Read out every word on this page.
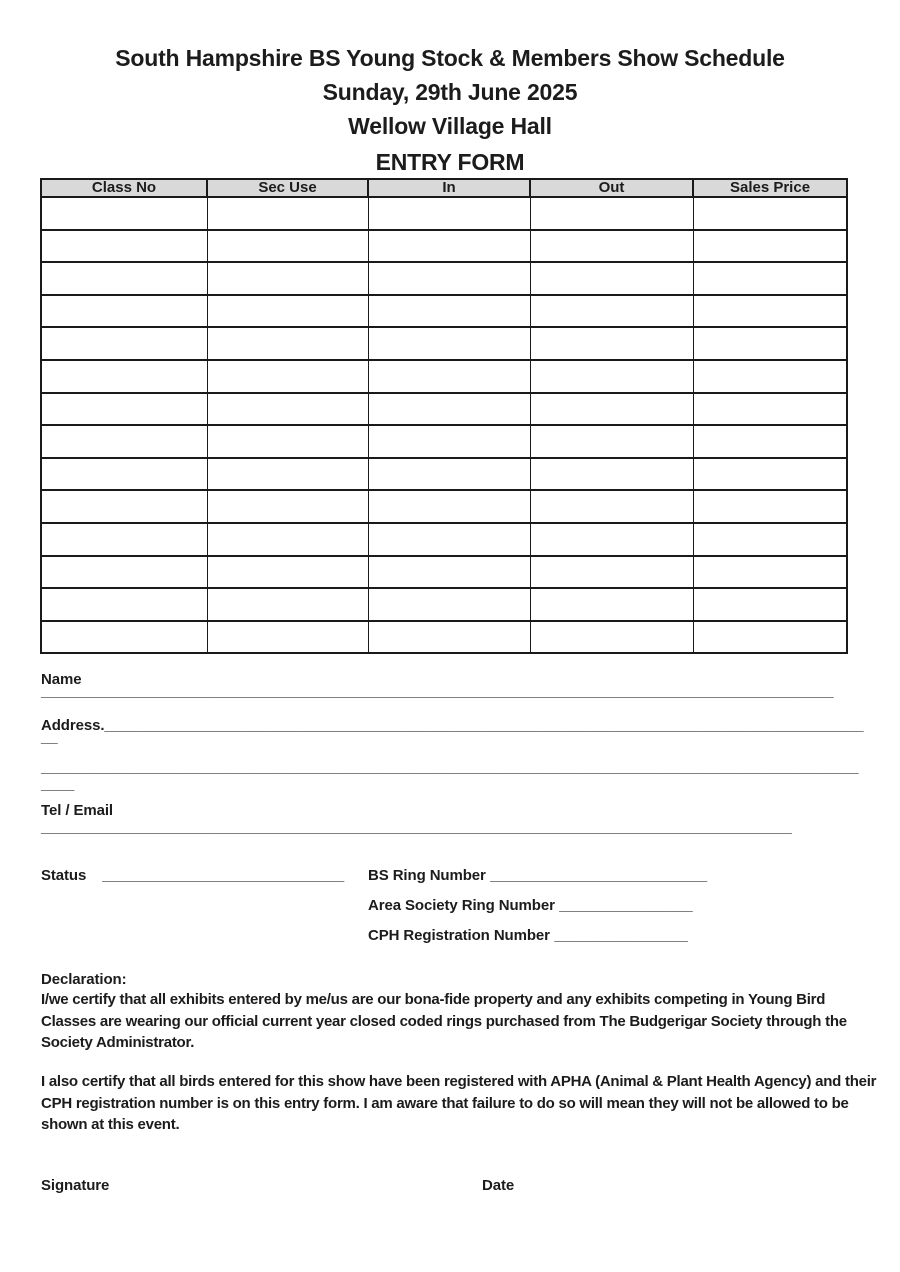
South Hampshire BS Young Stock & Members Show Schedule
Sunday, 29th June 2025
Wellow Village Hall
ENTRY FORM
Class No	Sec Use	In	Out	Sales Price

Name
_______________________________________________________________________________________________
Address.___________________________________________________________________________________________
__
__________________________________________________________________________________________________
____
Tel / Email
__________________________________________________________________________________________
Status _____________________________ BS Ring Number __________________________
Area Society Ring Number ________________
CPH Registration Number ________________
Declaration:
I/we certify that all exhibits entered by me/us are our bona-fide property and any exhibits competing in Young Bird Classes are wearing our official current year closed coded rings purchased from The Budgerigar Society through the Society Administrator.
I also certify that all birds entered for this show have been registered with APHA (Animal & Plant Health Agency) and their CPH registration number is on this entry form. I am aware that failure to do so will mean they will not be allowed to be shown at this event.
Signature	Date
